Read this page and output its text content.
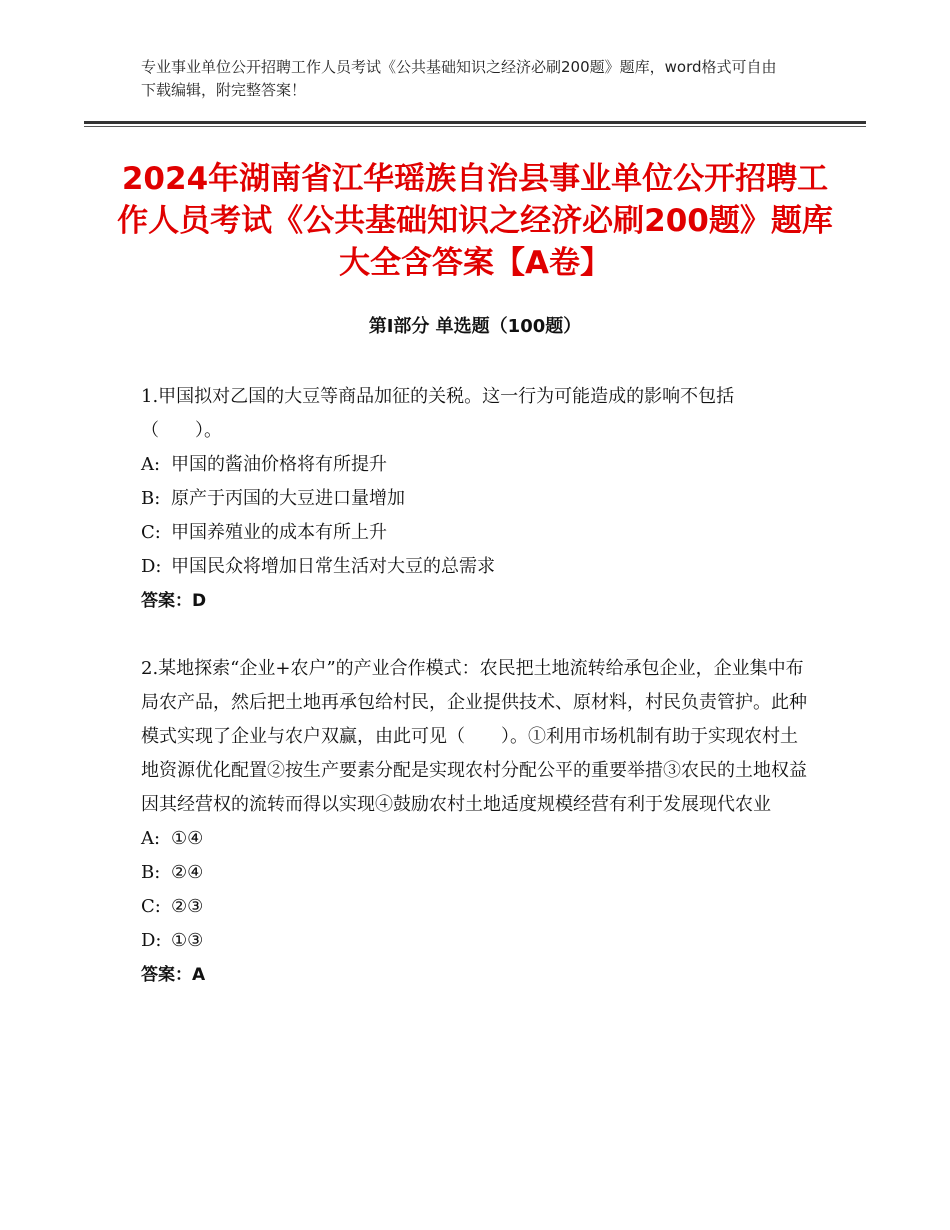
专业事业单位公开招聘工作人员考试《公共基础知识之经济必刷200题》题库，word格式可自由下载编辑，附完整答案！
2024年湖南省江华瑶族自治县事业单位公开招聘工作人员考试《公共基础知识之经济必刷200题》题库大全含答案【A卷】
第Ⅰ部分 单选题（100题）

1.甲国拟对乙国的大豆等商品加征的关税。这一行为可能造成的影响不包括（　　）。

A: 甲国的酱油价格将有所提升
B: 原产于丙国的大豆进口量增加
C: 甲国养殖业的成本有所上升
D: 甲国民众将增加日常生活对大豆的总需求

答案：D

2.某地探索“企业+农户”的产业合作模式：农民把土地流转给承包企业，企业集中布局农产品，然后把土地再承包给村民，企业提供技术、原材料，村民负责管护。此种模式实现了企业与农户双赢，由此可见（　　）。①利用市场机制有助于实现农村土地资源优化配置②按生产要素分配是实现农村分配公平的重要举措③农民的土地权益因其经营权的流转而得以实现④鼓励农村土地适度规模经营有利于发展现代农业

A: ①④
B: ②④
C: ②③
D: ①③

答案：A
